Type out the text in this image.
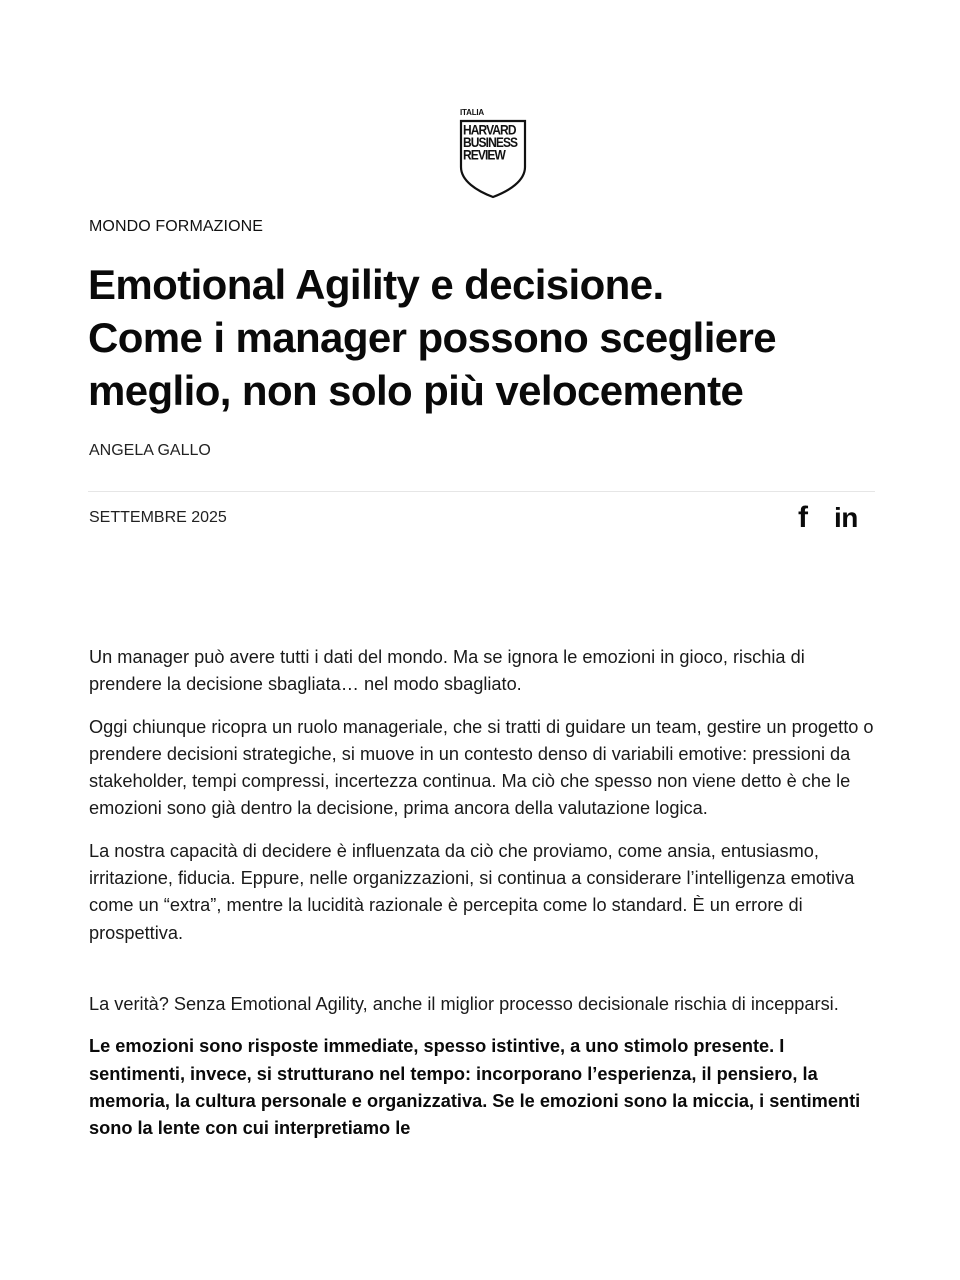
ITALIA
HARVARD
BUSINESS
REVIEW
MONDO FORMAZIONE
Emotional Agility e decisione.
Come i manager possono scegliere
meglio, non solo più velocemente
ANGELA GALLO
SETTEMBRE 2025	f in

Un manager può avere tutti i dati del mondo. Ma se ignora le emozioni in gioco, rischia di prendere la decisione sbagliata… nel modo sbagliato.

Oggi chiunque ricopra un ruolo manageriale, che si tratti di guidare un team, gestire un progetto o prendere decisioni strategiche, si muove in un contesto denso di variabili emotive: pressioni da stakeholder, tempi compressi, incertezza continua. Ma ciò che spesso non viene detto è che le emozioni sono già dentro la decisione, prima ancora della valutazione logica.

La nostra capacità di decidere è influenzata da ciò che proviamo, come ansia, entusiasmo, irritazione, fiducia. Eppure, nelle organizzazioni, si continua a considerare l’intelligenza emotiva come un “extra”, mentre la lucidità razionale è percepita come lo standard. È un errore di prospettiva.

La verità? Senza Emotional Agility, anche il miglior processo decisionale rischia di incepparsi.

Le emozioni sono risposte immediate, spesso istintive, a uno stimolo presente. I sentimenti, invece, si strutturano nel tempo: incorporano l’esperienza, il pensiero, la memoria, la cultura personale e organizzativa. Se le emozioni sono la miccia, i sentimenti sono la lente con cui interpretiamo le
